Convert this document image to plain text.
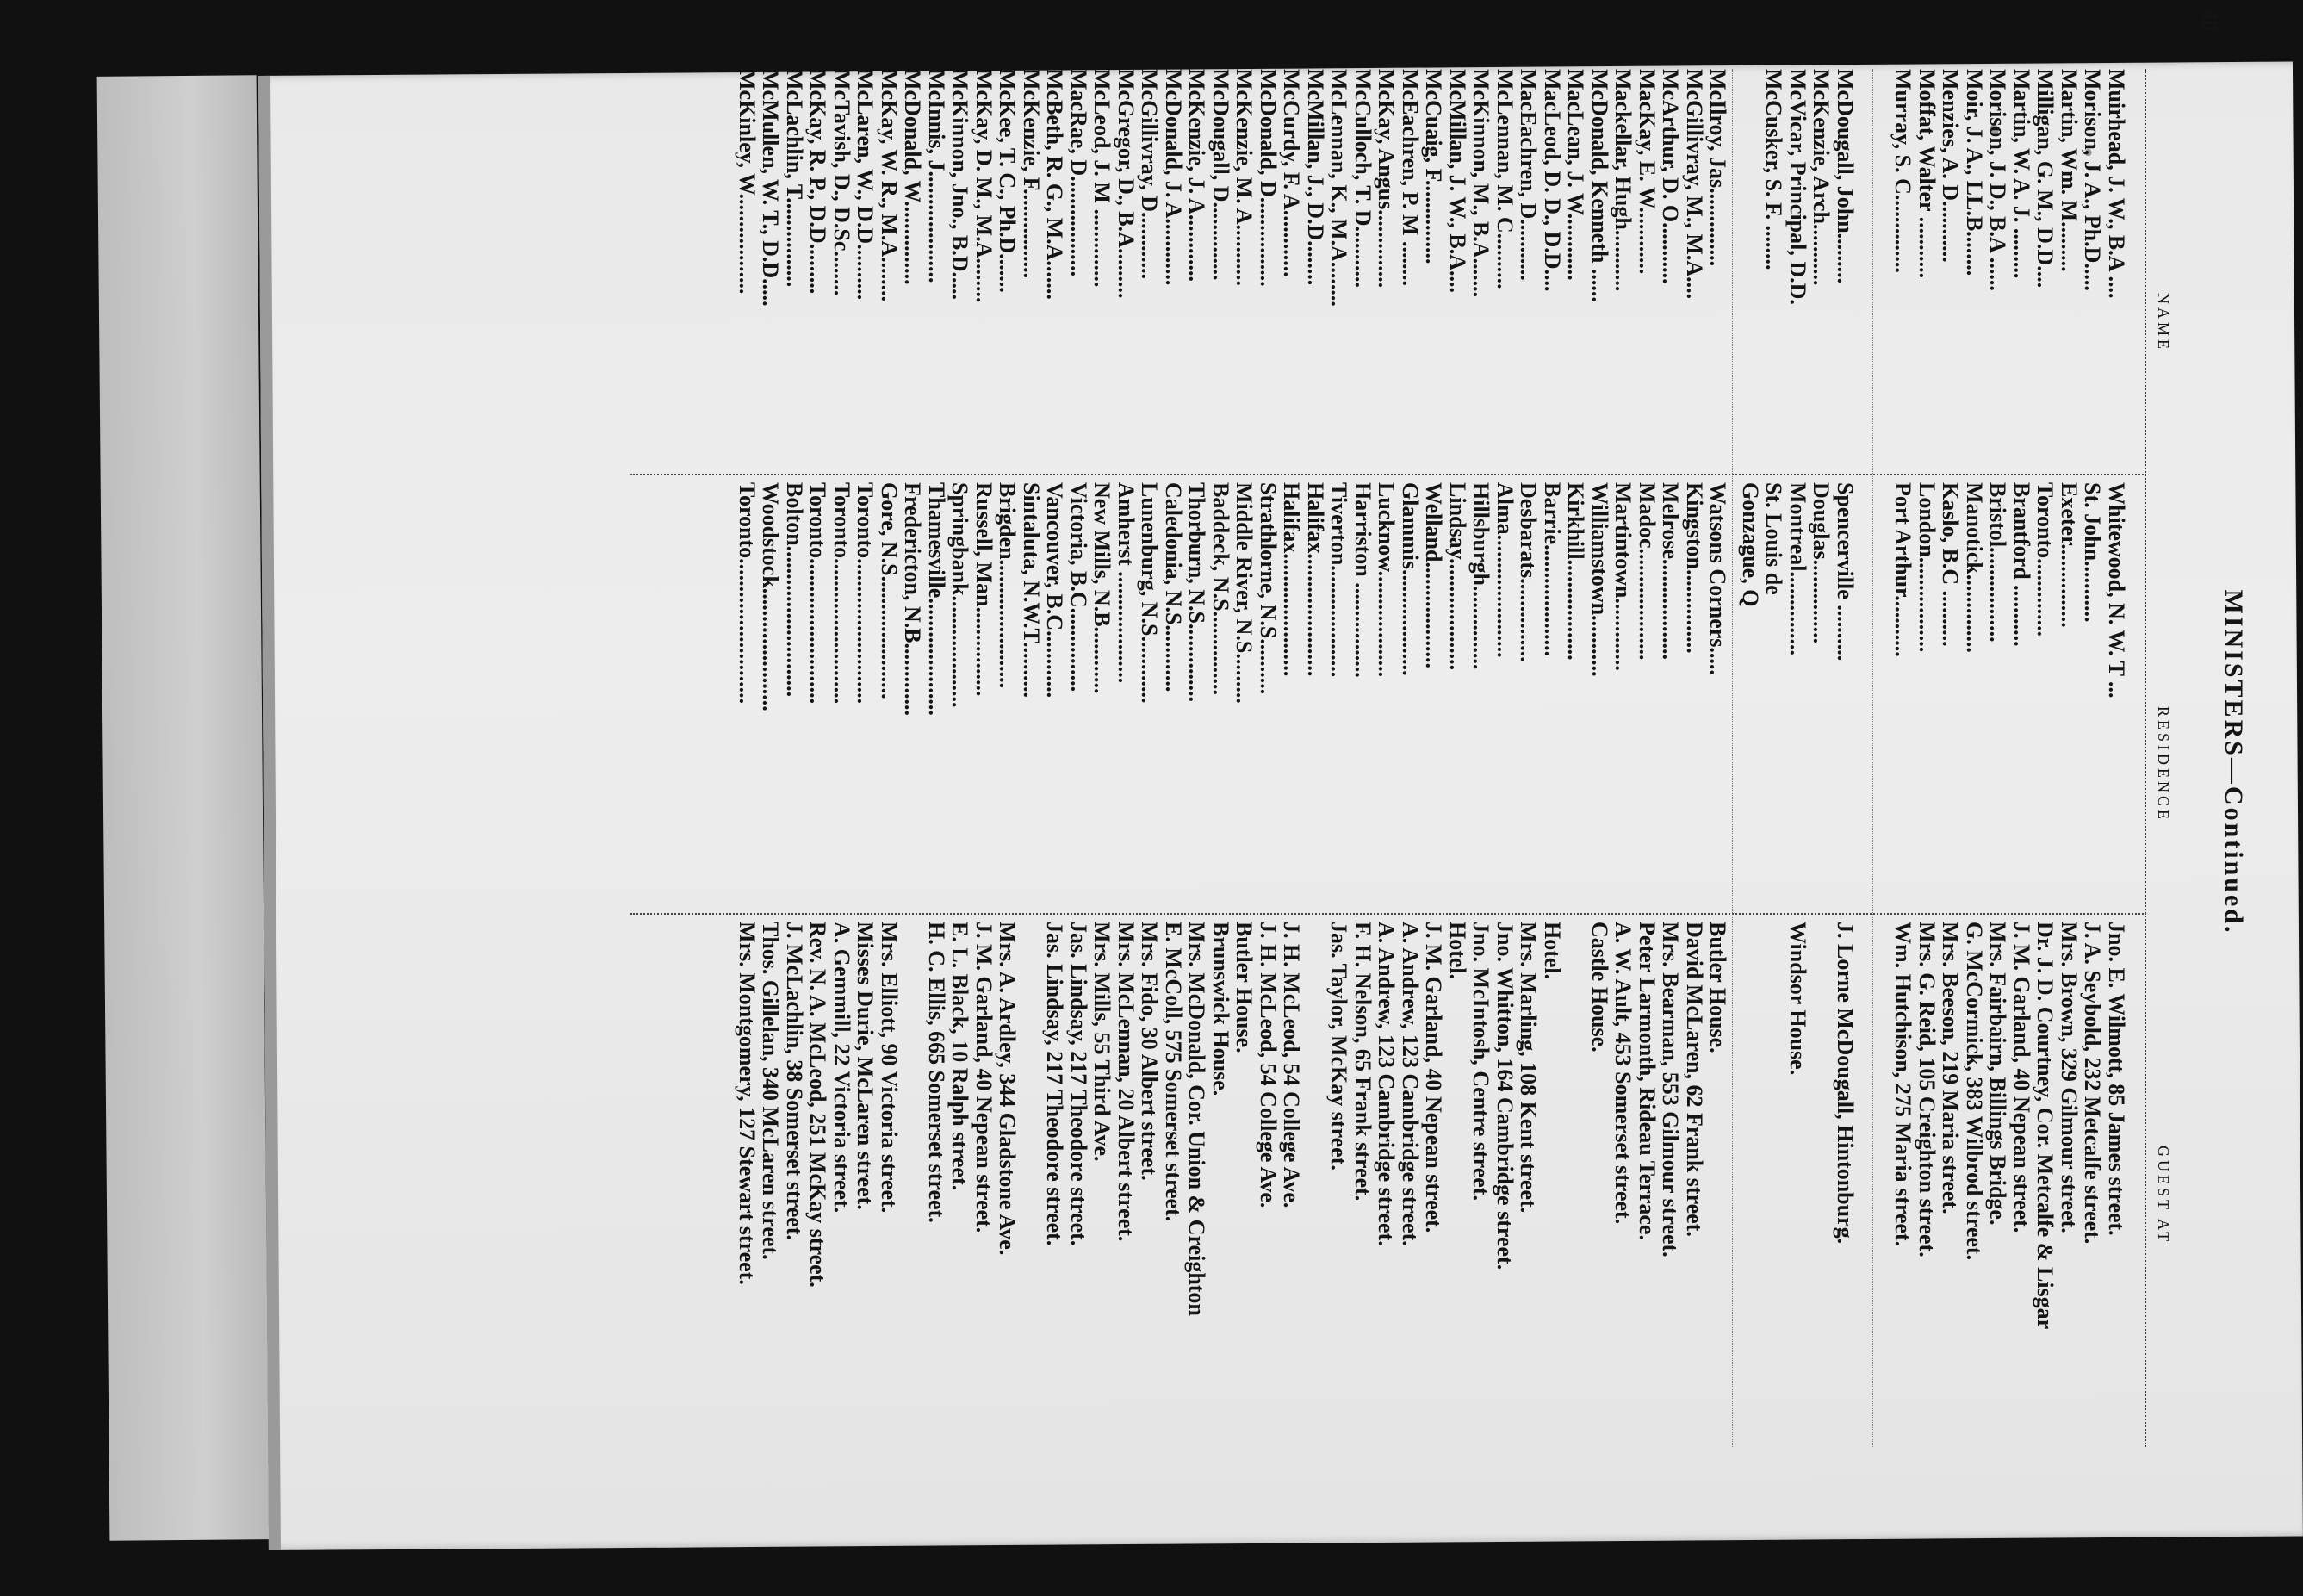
40
MINISTERS—Continued.
NAME
RESIDENCE
GUEST AT
Muirhead, J. W., B.A ....
Whitewood, N. W. T ...
Jno. E. Wilmott, 85 James street.
Morison, J. A., Ph.D.....
St. John...........
J. A. Seybold, 232 Metcalfe street.
Martin, Wm. M.........
Exeter...............
Mrs. Brown, 329 Gilmour street.
Milligan, G. M., D.D....
Toronto..............
Dr. J. D. Courtney, Cor. Metcalfe & Lisgar
Martin, W. A. J. .........
Brantford ...........
J. M. Garland, 40 Nepean street.
Morison, J. D., B.A ......
Bristol.................
Mrs. Fairbairn, Billings Bridge.
Moir, J. A., LL.B........
Manotick..............
G. McCormick, 383 Wilbrod street.
Menzies, A. D...........
Kaslo, B.C ..........
Mrs. Beeson, 219 Maria street.
Moffat, Walter ...........
London.................
Mrs. G. Reid, 105 Creighton street.
Murray, S. C..............
Port Arthur...........
Wm. Hutchison, 275 Maria street.
McDougall, John.........
Spencerville ..........
J. Lorne McDougall, Hintonburg.
McKenzie, Arch...........
Douglas...............
McVicar, Principal, D.D.
Montreal...............
Windsor House.
McCusker, S. F. ........
St. Louis de
Gonzague, Q
McIlroy, Jas..............
Watsons Corners.....
Butler House.
McGillivray, M., M.A....
Kingston...............
David McLaren, 62 Frank street.
McArthur, D. O...........
Melrose..................
Mrs. Bearman, 553 Gilmour street.
MacKay, E. W............
Madoc....................
Peter Larmonth, Rideau Terrace.
Mackellar, Hugh...........
Martintown.............
A. W. Ault, 453 Somerset street.
McDonald, Kenneth ......
Williamstown...........
Castle House.
MacLean, J. W............
Kirkhill..................
MacLeod, D. D., D.D....
Barrie....................
Hotel.
MacEachren, D...........
Desbarats...............
Mrs. Marling, 108 Kent street.
McLennan, M. C..........
Alma......................
Jno. Whitton, 164 Cambridge street.
McKinnon, M., B.A.......
Hillsburgh...............
Jno. McIntosh, Centre street.
McMillan, J. W., B.A....
Lindsay....................
Hotel.
McCuaig, F...............
Welland...................
J. M. Garland, 40 Nepean street.
McEachren, P. M ........
Glammis...................
A. Andrew, 123 Cambridge street.
McKay, Angus..............
Lucknow...................
A. Andrew, 123 Cambridge street.
McCulloch, T. D...........
Harriston .................
F. H. Nelson, 65 Frank street.
McLennan, K., M.A........
Tiverton....................
Jas. Taylor, McKay street.
McMillan, J., D.D........
Halifax......................
McCurdy, F. A............
Halifax......................
J. H. McLeod, 54 College Ave.
McDonald, D................
Strathlorne, N.S..........
J. H. McLeod, 54 College Ave.
McKenzie, M. A...........
Middle River, N.S.........
Butler House.
McDougall, D..............
Baddeck, N.S...............
Brunswick House.
McKenzie, J. A............
Thorburn, N.S..............
Mrs. McDonald, Cor. Union & Creighton
McDonald, J. A............
Caledonia, N.S............
E. McColl, 575 Somerset street.
McGillivray, D............
Lunenburg, N.S............
Mrs. Fido, 30 Albert street.
McGregor, D., B.A.........
Amherst ....................
Mrs. McLennan, 20 Albert street.
McLeod, J. M ..............
New Mills, N.B............
Mrs. Mills, 55 Third Ave.
MacRae, D..................
Victoria, B.C...............
Jas. Lindsay, 217 Theodore street.
McBeth, R. G., M.A.......
Vancouver, B.C............
Jas. Lindsay, 217 Theodore street.
McKenzie, F................
Sintaluta, N.W.T..........
McKee, T. C., Ph.D.......
Brigden.......................
Mrs. A. Ardley, 344 Gladstone Ave.
McKay, D. M., M.A........
Russell, Man................
J. M. Garland, 40 Nepean street.
McKinnon, Jno., B.D.....
Springbank....................
E. L. Black, 10 Ralph street.
McInnis, J....................
Thamesville.....................
H. C. Ellis, 665 Somerset street.
McDonald, W...............
Fredericton, N.B.............
McKay, W. R., M.A........
Gore, N.S......................
Mrs. Elliott, 90 Victoria street.
McLaren, W., D.D..........
Toronto..........................
Misses Durie, McLaren street.
McTavish, D., D.Sc........
Toronto..........................
A. Gemmill, 22 Victoria street.
McKay, R. P., D.D.........
Toronto..........................
Rev. N. A. McLeod, 251 McKay street.
McLachlin, T................
Bolton...........................
J. McLachlin, 38 Somerset street.
McMullen, W. T., D.D.....
Woodstock......................
Thos. Gillelan, 340 McLaren street.
McKinley, W..................
Toronto..........................
Mrs. Montgomery, 127 Stewart street.
